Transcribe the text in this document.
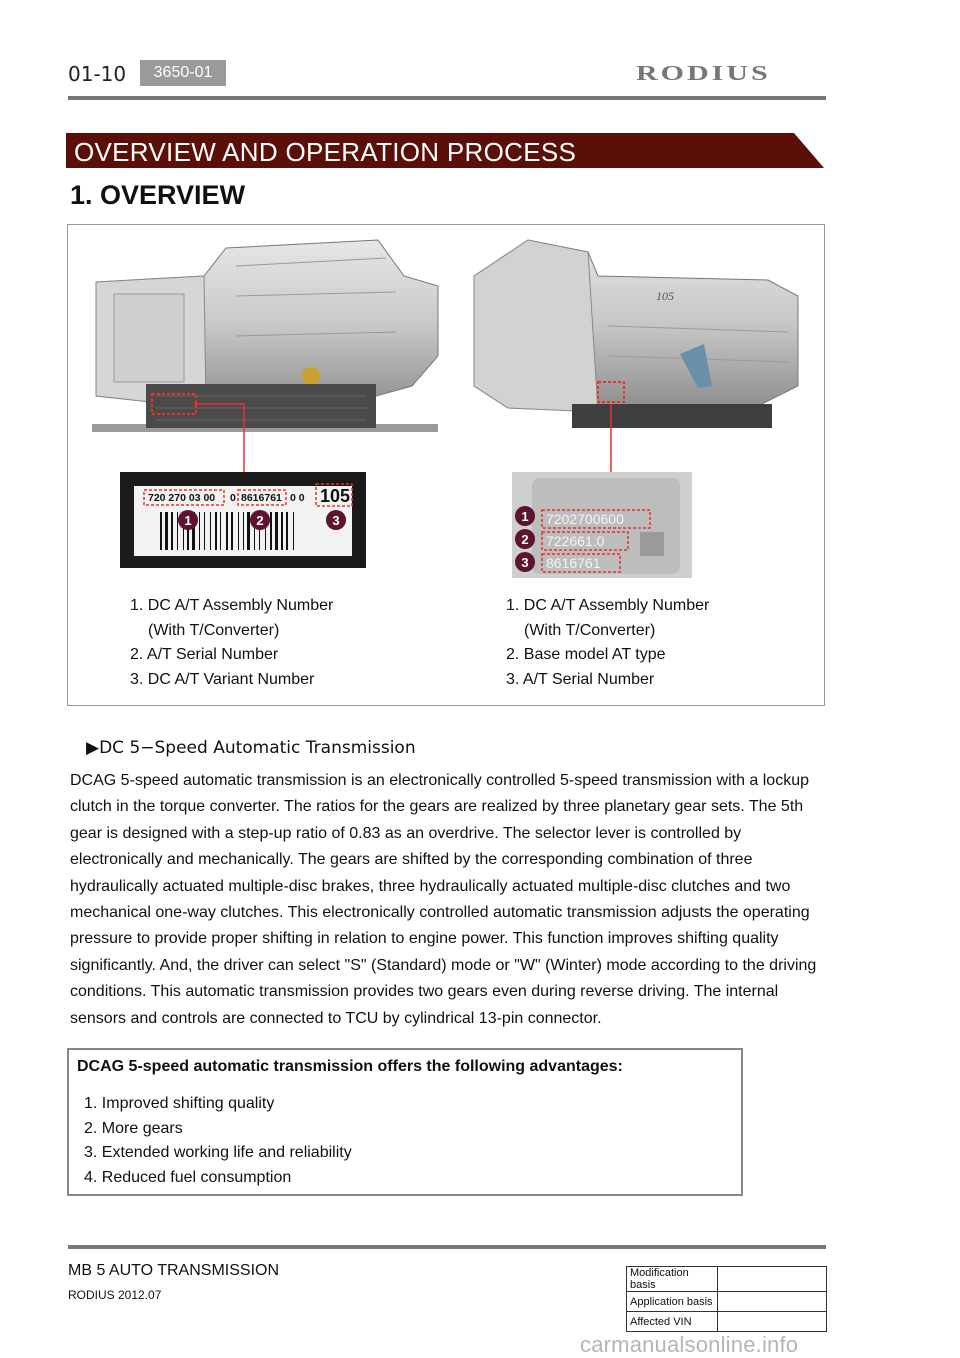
01-10	3650-01	RODIUS
OVERVIEW AND OPERATION PROCESS
1. OVERVIEW
105
720 270 03 00 0 8616761 0 0 105
1	2	3	7202700600
722661.0
8616761
1
2
3
1. DC A/T Assembly Number
(With T/Converter)
2. A/T Serial Number
3. DC A/T Variant Number
1. DC A/T Assembly Number
(With T/Converter)
2. Base model AT type
3. A/T Serial Number
▶DC 5−Speed Automatic Transmission
DCAG 5-speed automatic transmission is an electronically controlled 5-speed transmission with a lockup
clutch in the torque converter. The ratios for the gears are realized by three planetary gear sets. The 5th
gear is designed with a step-up ratio of 0.83 as an overdrive. The selector lever is controlled by
electronically and mechanically. The gears are shifted by the corresponding combination of three
hydraulically actuated multiple-disc brakes, three hydraulically actuated multiple-disc clutches and two
mechanical one-way clutches. This electronically controlled automatic transmission adjusts the operating
pressure to provide proper shifting in relation to engine power. This function improves shifting quality
significantly. And, the driver can select "S" (Standard) mode or "W" (Winter) mode according to the driving
conditions. This automatic transmission provides two gears even during reverse driving. The internal
sensors and controls are connected to TCU by cylindrical 13-pin connector.
DCAG 5-speed automatic transmission offers the following advantages:
1. Improved shifting quality
2. More gears
3. Extended working life and reliability
4. Reduced fuel consumption
MB 5 AUTO TRANSMISSION
RODIUS 2012.07
Modification basis	
Application basis	
Affected VIN	
carmanualsonline.info
